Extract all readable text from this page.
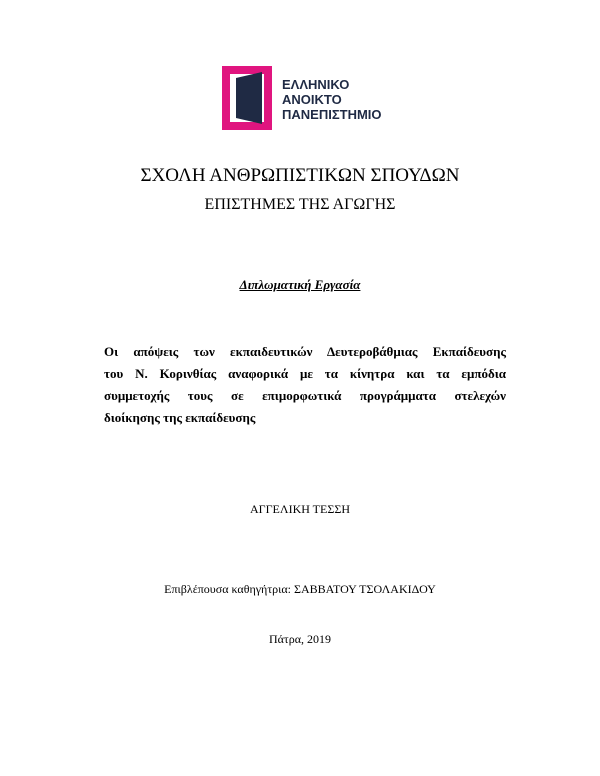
ΕΛΛΗΝΙΚΟ
ΑΝΟΙΚΤΟ
ΠΑΝΕΠΙΣΤΗΜΙΟ
ΣΧΟΛΗ ΑΝΘΡΩΠΙΣΤΙΚΩΝ ΣΠΟΥΔΩΝ
ΕΠΙΣΤΗΜΕΣ ΤΗΣ ΑΓΩΓΗΣ
Διπλωματική Εργασία
Οι απόψεις των εκπαιδευτικών Δευτεροβάθμιας Εκπαίδευσης
του Ν. Κορινθίας αναφορικά με τα κίνητρα και τα εμπόδια
συμμετοχής τους σε επιμορφωτικά προγράμματα στελεχών
διοίκησης της εκπαίδευσης
ΑΓΓΕΛΙΚΗ ΤΕΣΣΗ
Επιβλέπουσα καθηγήτρια: ΣΑΒΒΑΤΟΥ ΤΣΟΛΑΚΙΔΟΥ
Πάτρα, 2019
